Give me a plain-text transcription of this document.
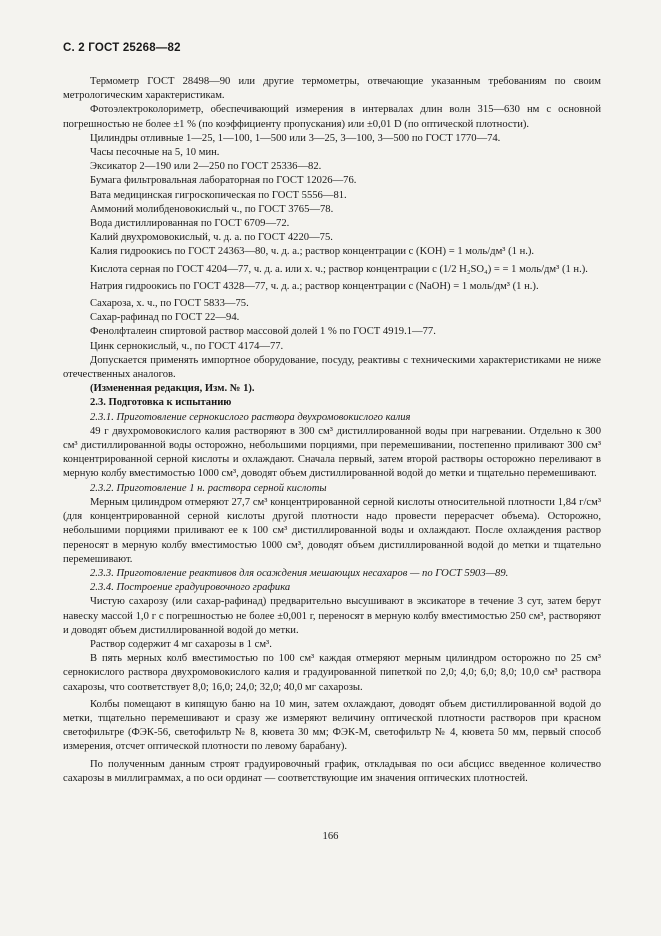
С. 2 ГОСТ 25268—82

Термометр ГОСТ 28498—90 или другие термометры, отвечающие указанным требованиям по своим метрологическим характеристикам.

Фотоэлектроколориметр, обеспечивающий измерения в интервалах длин волн 315—630 нм с основной погрешностью не более ±1 % (по коэффициенту пропускания) или ±0,01 D (по оптической плотности).

Цилиндры отливные 1—25, 1—100, 1—500 или 3—25, 3—100, 3—500 по ГОСТ 1770—74.

Часы песочные на 5, 10 мин.

Эксикатор 2—190 или 2—250 по ГОСТ 25336—82.

Бумага фильтровальная лабораторная по ГОСТ 12026—76.

Вата медицинская гигроскопическая по ГОСТ 5556—81.

Аммоний молибденовокислый ч., по ГОСТ 3765—78.

Вода дистиллированная по ГОСТ 6709—72.

Калий двухромовокислый, ч. д. а. по ГОСТ 4220—75.

Калия гидроокись по ГОСТ 24363—80, ч. д. а.; раствор концентрации c (KOH) = 1 моль/дм³ (1 н.).

Кислота серная по ГОСТ 4204—77, ч. д. а. или х. ч.; раствор концентрации c (1/2 H₂SO₄) = = 1 моль/дм³ (1 н.).

Натрия гидроокись по ГОСТ 4328—77, ч. д. а.; раствор концентрации c (NaOH) = 1 моль/дм³ (1 н.).

Сахароза, х. ч., по ГОСТ 5833—75.

Сахар-рафинад по ГОСТ 22—94.

Фенолфталеин спиртовой раствор массовой долей 1 % по ГОСТ 4919.1—77.

Цинк сернокислый, ч., по ГОСТ 4174—77.

Допускается применять импортное оборудование, посуду, реактивы с техническими характеристиками не ниже отечественных аналогов.

(Измененная редакция, Изм. № 1).

2.3. Подготовка к испытанию

2.3.1. Приготовление сернокислого раствора двухромовокислого калия

49 г двухромовокислого калия растворяют в 300 см³ дистиллированной воды при нагревании. Отдельно к 300 см³ дистиллированной воды осторожно, небольшими порциями, при перемешивании, постепенно приливают 300 см³ концентрированной серной кислоты и охлаждают. Сначала первый, затем второй растворы осторожно переливают в мерную колбу вместимостью 1000 см³, доводят объем дистиллированной водой до метки и тщательно перемешивают.

2.3.2. Приготовление 1 н. раствора серной кислоты

Мерным цилиндром отмеряют 27,7 см³ концентрированной серной кислоты относительной плотности 1,84 г/см³ (для концентрированной серной кислоты другой плотности надо провести перерасчет объема). Осторожно, небольшими порциями приливают ее к 100 см³ дистиллированной воды и охлаждают. После охлаждения раствор переносят в мерную колбу вместимостью 1000 см³, доводят объем дистиллированной водой до метки и тщательно перемешивают.

2.3.3. Приготовление реактивов для осаждения мешающих несахаров — по ГОСТ 5903—89.

2.3.4. Построение градуировочного графика

Чистую сахарозу (или сахар-рафинад) предварительно высушивают в эксикаторе в течение 3 сут, затем берут навеску массой 1,0 г с погрешностью не более ±0,001 г, переносят в мерную колбу вместимостью 250 см³, растворяют и доводят объем дистиллированной водой до метки.

Раствор содержит 4 мг сахарозы в 1 см³.

В пять мерных колб вместимостью по 100 см³ каждая отмеряют мерным цилиндром осторожно по 25 см³ сернокислого раствора двухромовокислого калия и градуированной пипеткой по 2,0; 4,0; 6,0; 8,0; 10,0 см³ раствора сахарозы, что соответствует 8,0; 16,0; 24,0; 32,0; 40,0 мг сахарозы.

Колбы помещают в кипящую баню на 10 мин, затем охлаждают, доводят объем дистиллированной водой до метки, тщательно перемешивают и сразу же измеряют величину оптической плотности растворов при красном светофильтре (ФЭК-56, светофильтр № 8, кювета 30 мм; ФЭК-М, светофильтр № 4, кювета 50 мм, первый способ измерения, отсчет оптической плотности по левому барабану).

По полученным данным строят градуировочный график, откладывая по оси абсцисс введенное количество сахарозы в миллиграммах, а по оси ординат — соответствующие им значения оптических плотностей.

166
